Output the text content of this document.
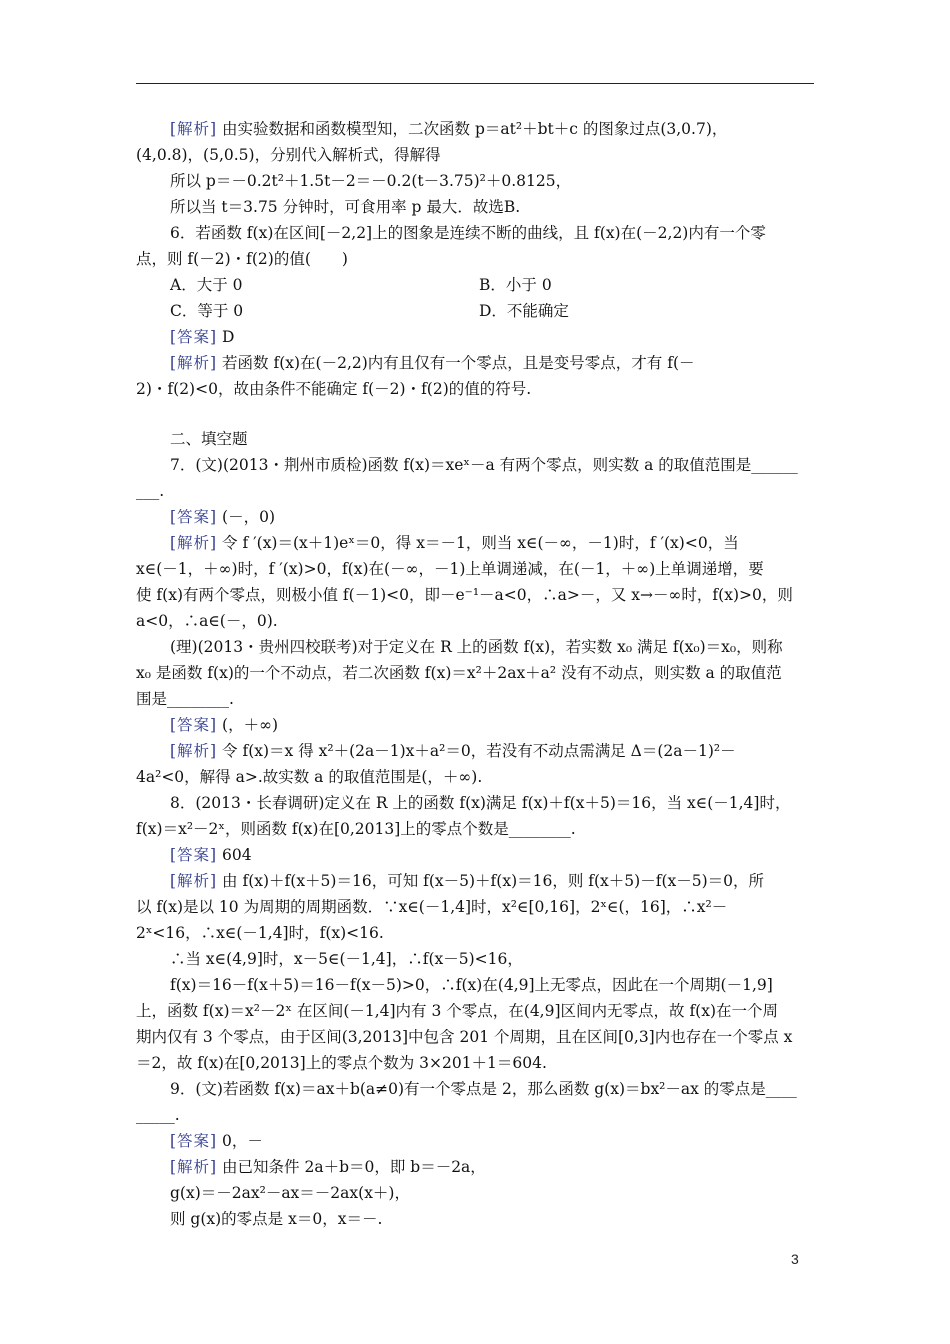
[解析] 由实验数据和函数模型知，二次函数 p＝at²＋bt＋c 的图象过点(3,0.7)，
(4,0.8)，(5,0.5)，分别代入解析式，得解得
所以 p＝－0.2t²＋1.5t－2＝－0.2(t－3.75)²＋0.8125，
所以当 t＝3.75 分钟时，可食用率 p 最大．故选B.
6．若函数 f(x)在区间[－2,2]上的图象是连续不断的曲线，且 f(x)在(－2,2)内有一个零
点，则 f(－2)・f(2)的值(　　)
A．大于 0	B．小于 0
C．等于 0	D．不能确定
[答案] D
[解析] 若函数 f(x)在(－2,2)内有且仅有一个零点，且是变号零点，才有 f(－
2)・f(2)<0，故由条件不能确定 f(－2)・f(2)的值的符号.
二、填空题
7．(文)(2013・荆州市质检)函数 f(x)＝xeˣ－a 有两个零点，则实数 a 的取值范围是______
___.
[答案] (－，0)
[解析] 令 f ′(x)＝(x＋1)eˣ＝0，得 x＝－1，则当 x∈(－∞，－1)时，f ′(x)<0，当
x∈(－1，＋∞)时，f ′(x)>0，f(x)在(－∞，－1)上单调递减，在(－1，＋∞)上单调递增，要
使 f(x)有两个零点，则极小值 f(－1)<0，即－e⁻¹－a<0，∴a>－，又 x→－∞时，f(x)>0，则
a<0，∴a∈(－，0).
(理)(2013・贵州四校联考)对于定义在 R 上的函数 f(x)，若实数 x₀ 满足 f(x₀)＝x₀，则称
x₀ 是函数 f(x)的一个不动点，若二次函数 f(x)＝x²＋2ax＋a² 没有不动点，则实数 a 的取值范
围是________.
[答案] (，＋∞)
[解析] 令 f(x)＝x 得 x²＋(2a－1)x＋a²＝0，若没有不动点需满足 Δ＝(2a－1)²－
4a²<0，解得 a>.故实数 a 的取值范围是(，＋∞).
8．(2013・长春调研)定义在 R 上的函数 f(x)满足 f(x)＋f(x＋5)＝16，当 x∈(－1,4]时，
f(x)＝x²－2ˣ，则函数 f(x)在[0,2013]上的零点个数是________.
[答案] 604
[解析] 由 f(x)＋f(x＋5)＝16，可知 f(x－5)＋f(x)＝16，则 f(x＋5)－f(x－5)＝0，所
以 f(x)是以 10 为周期的周期函数．∵x∈(－1,4]时，x²∈[0,16]，2ˣ∈(，16]，∴x²－
2ˣ<16，∴x∈(－1,4]时，f(x)<16.
∴当 x∈(4,9]时，x－5∈(－1,4]，∴f(x－5)<16，
f(x)＝16－f(x＋5)＝16－f(x－5)>0，∴f(x)在(4,9]上无零点，因此在一个周期(－1,9]
上，函数 f(x)＝x²－2ˣ 在区间(－1,4]内有 3 个零点，在(4,9]区间内无零点，故 f(x)在一个周
期内仅有 3 个零点，由于区间(3,2013]中包含 201 个周期，且在区间[0,3]内也存在一个零点 x
＝2，故 f(x)在[0,2013]上的零点个数为 3×201＋1＝604.
9．(文)若函数 f(x)＝ax＋b(a≠0)有一个零点是 2，那么函数 g(x)＝bx²－ax 的零点是____
_____.
[答案] 0，－
[解析] 由已知条件 2a＋b＝0，即 b＝－2a，
g(x)＝－2ax²－ax＝－2ax(x＋)，
则 g(x)的零点是 x＝0，x＝－.
3
